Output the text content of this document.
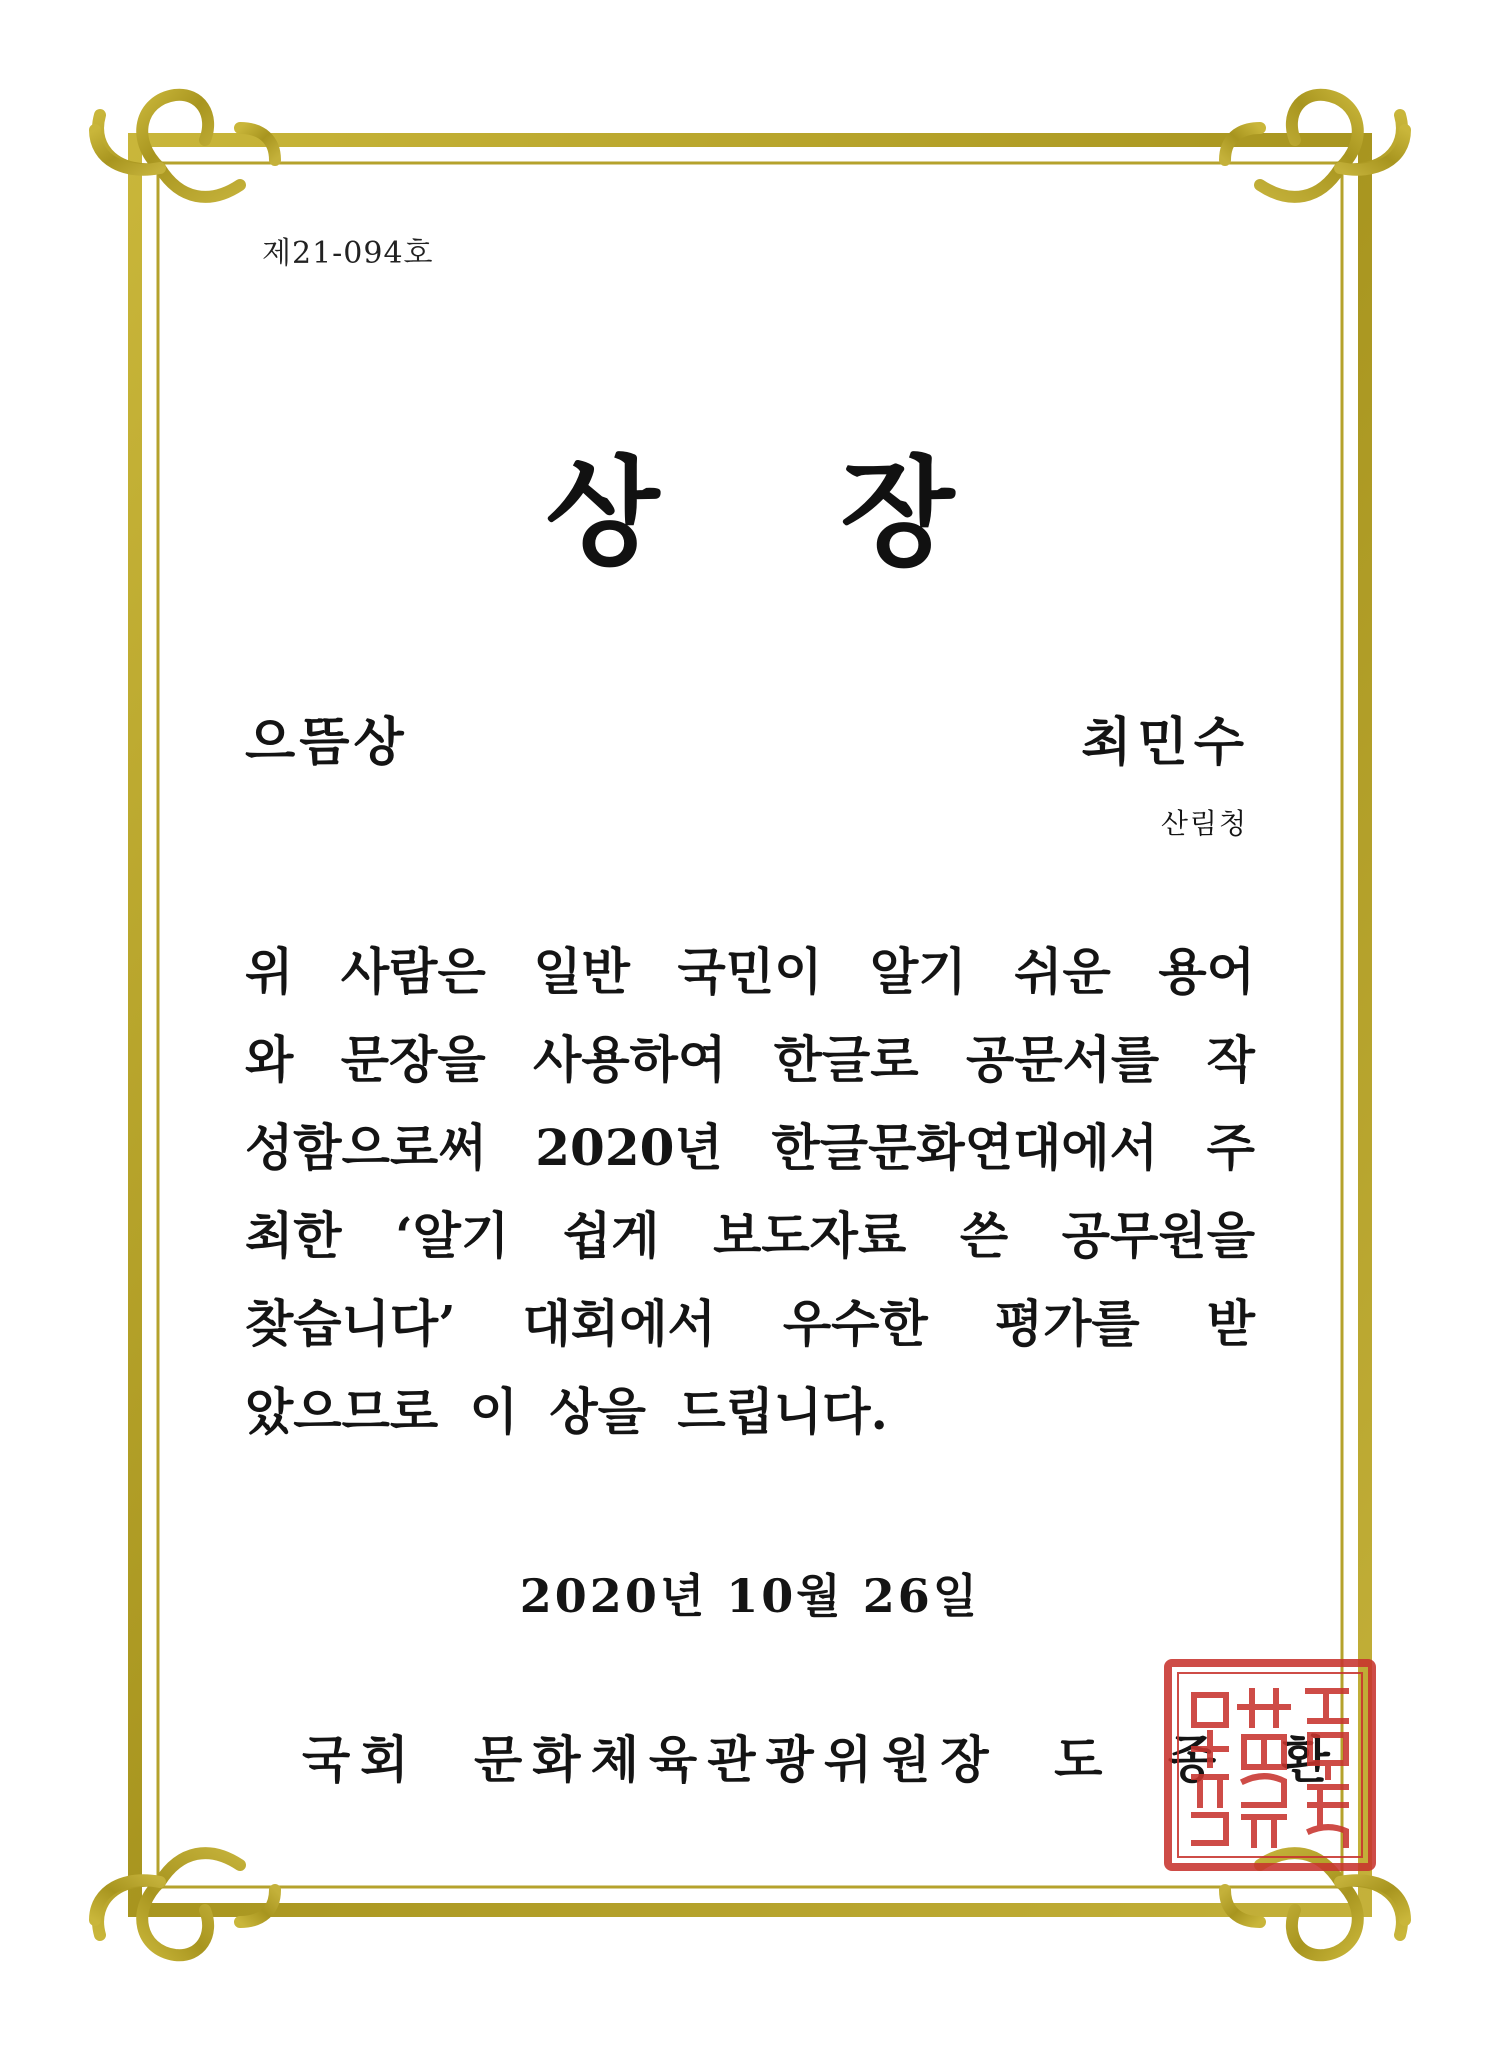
제21-094호
상 장
으뜸상	최민수
산림청
위 사람은 일반 국민이 알기 쉬운 용어
와 문장을 사용하여 한글로 공문서를 작
성함으로써 2020년 한글문화연대에서 주
최한 ‘알기 쉽게 보도자료 쓴 공무원을
찾습니다’ 대회에서 우수한 평가를 받
았으므로 이 상을 드립니다.
2020년 10월 26일
국회 문화체육관광위원장 도 종 환
